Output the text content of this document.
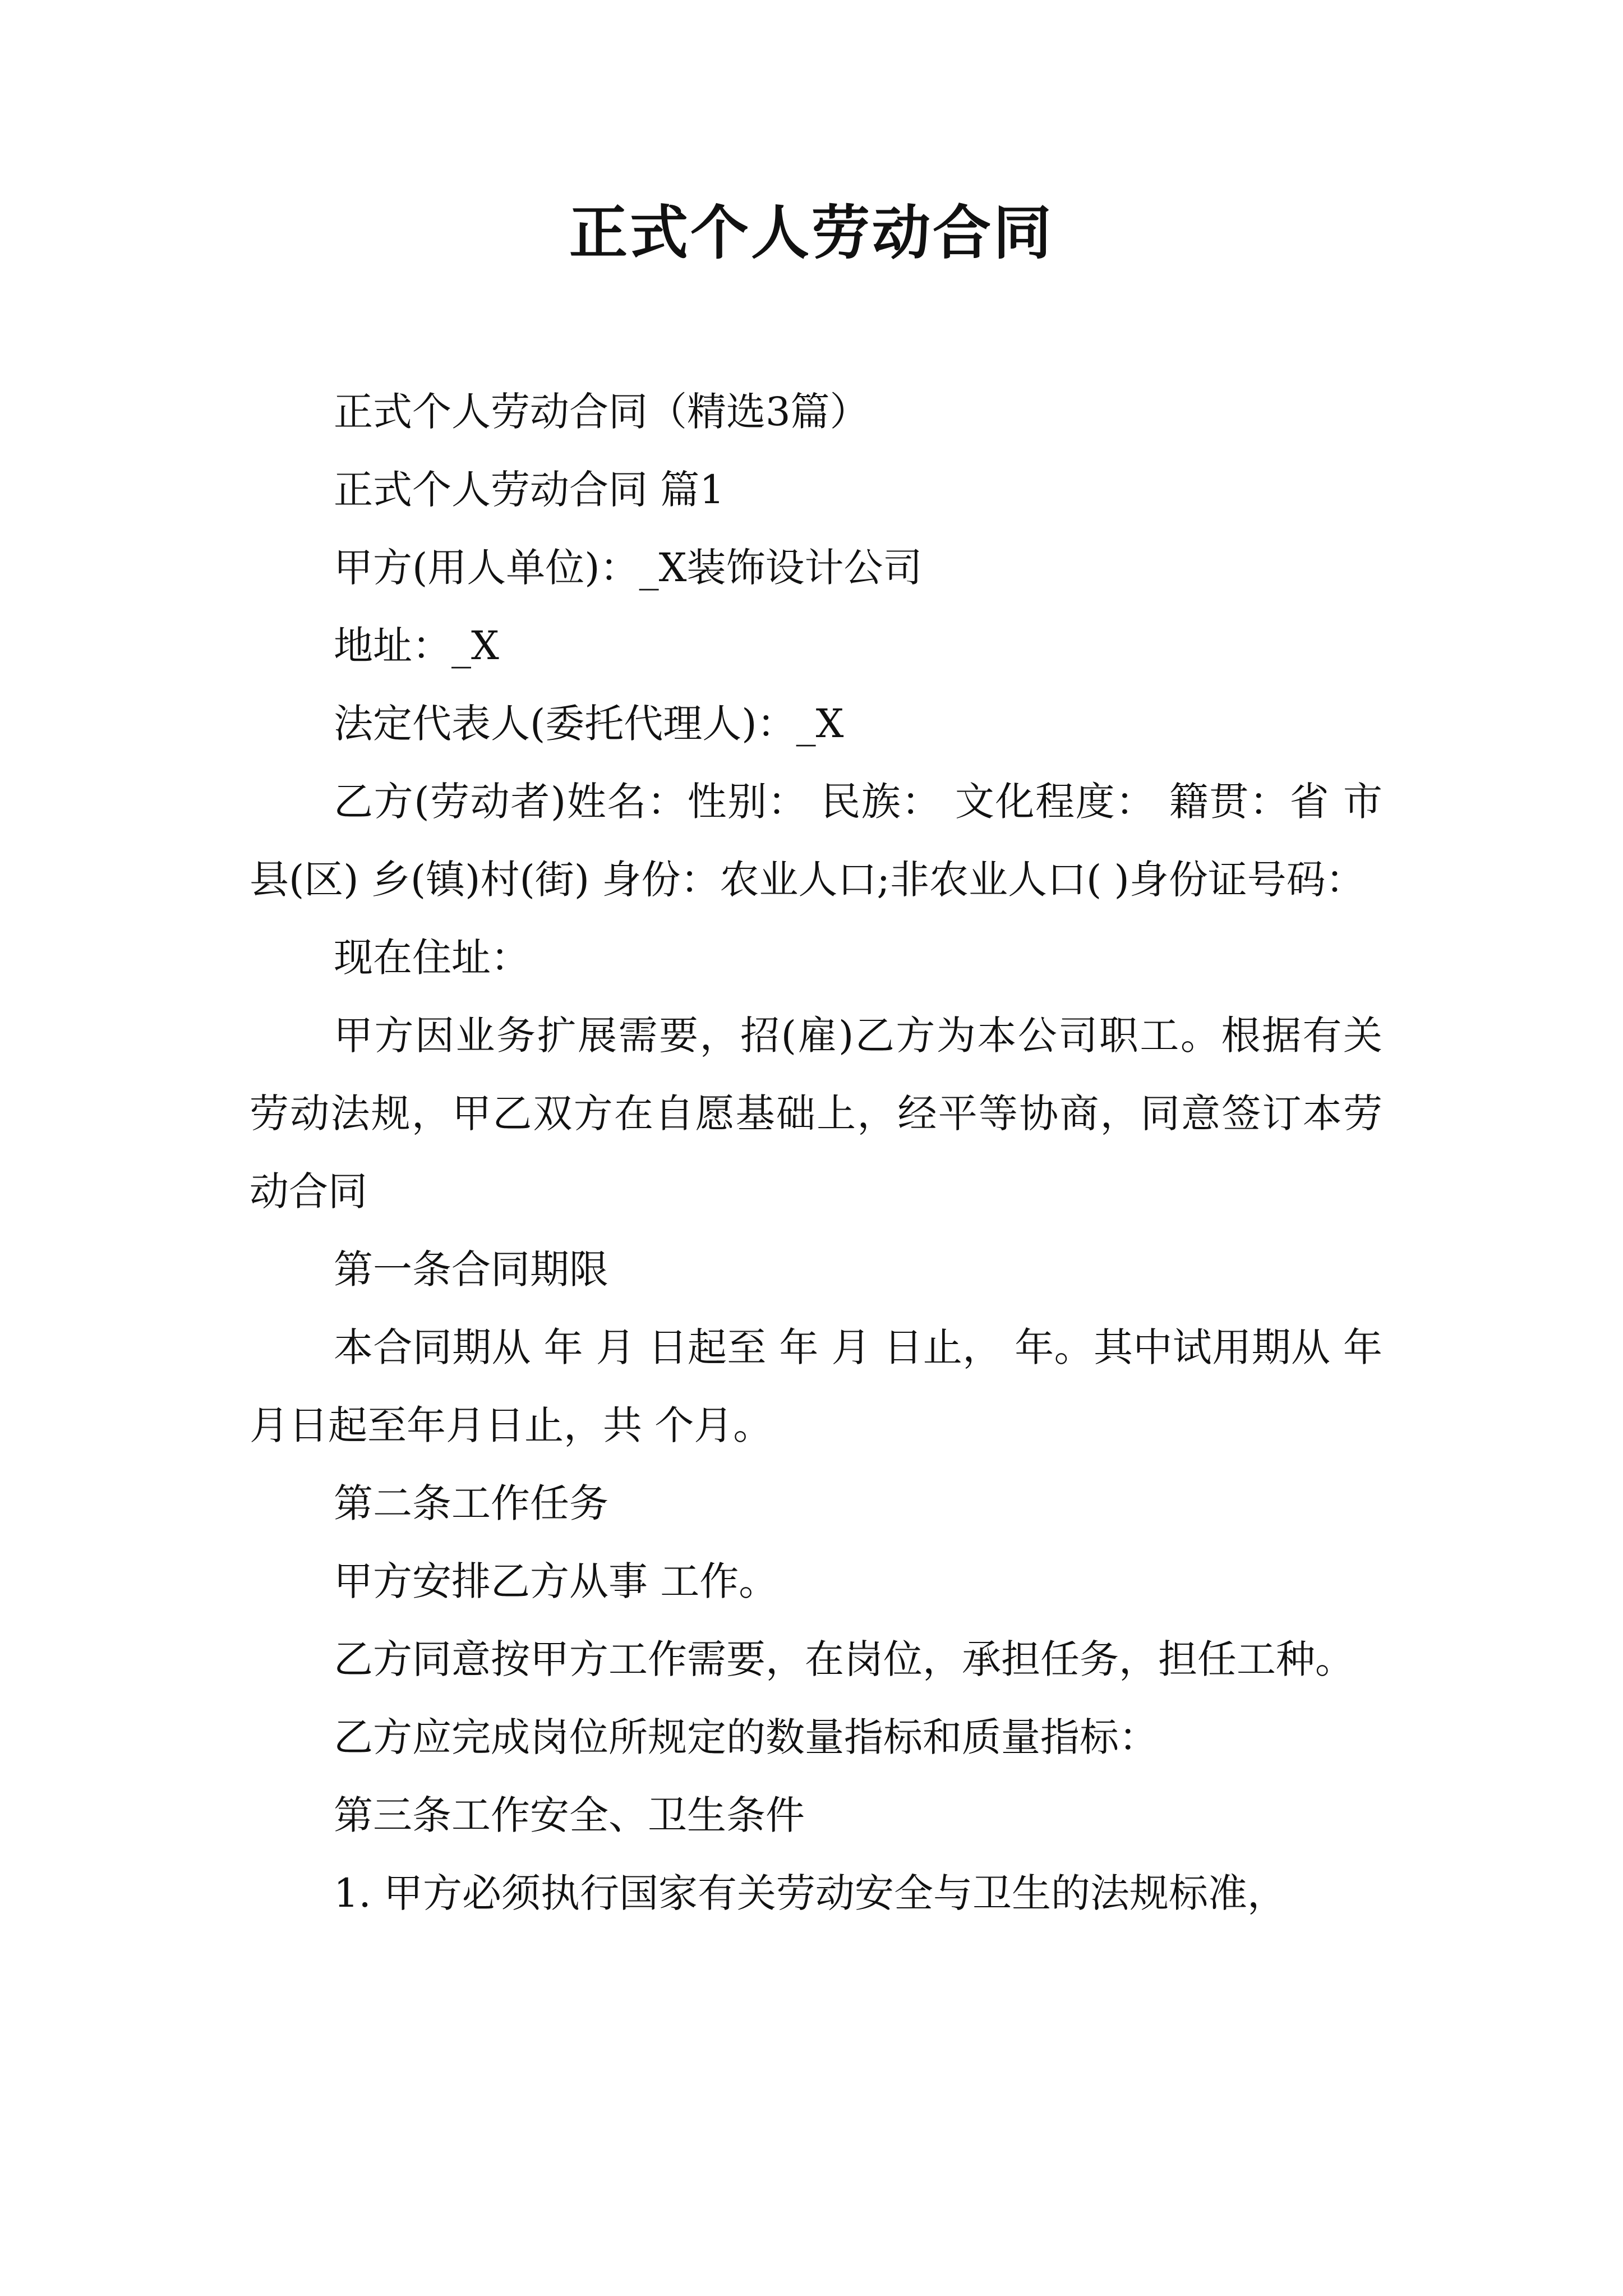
正式个人劳动合同

正式个人劳动合同（精选3篇）

正式个人劳动合同 篇1

甲方(用人单位)：_X装饰设计公司

地址：_X

法定代表人(委托代理人)：_X

乙方(劳动者)姓名：性别： 民族： 文化程度： 籍贯：省 市 县(区) 乡(镇)村(街) 身份：农业人口;非农业人口( )身份证号码：

现在住址：

甲方因业务扩展需要，招(雇)乙方为本公司职工。根据有关劳动法规，甲乙双方在自愿基础上，经平等协商，同意签订本劳动合同

第一条合同期限

本合同期从 年 月 日起至 年 月 日止， 年。其中试用期从 年月日起至年月日止，共 个月。

第二条工作任务

甲方安排乙方从事 工作。

乙方同意按甲方工作需要，在岗位，承担任务，担任工种。

乙方应完成岗位所规定的数量指标和质量指标：

第三条工作安全、卫生条件

1. 甲方必须执行国家有关劳动安全与卫生的法规标准，
